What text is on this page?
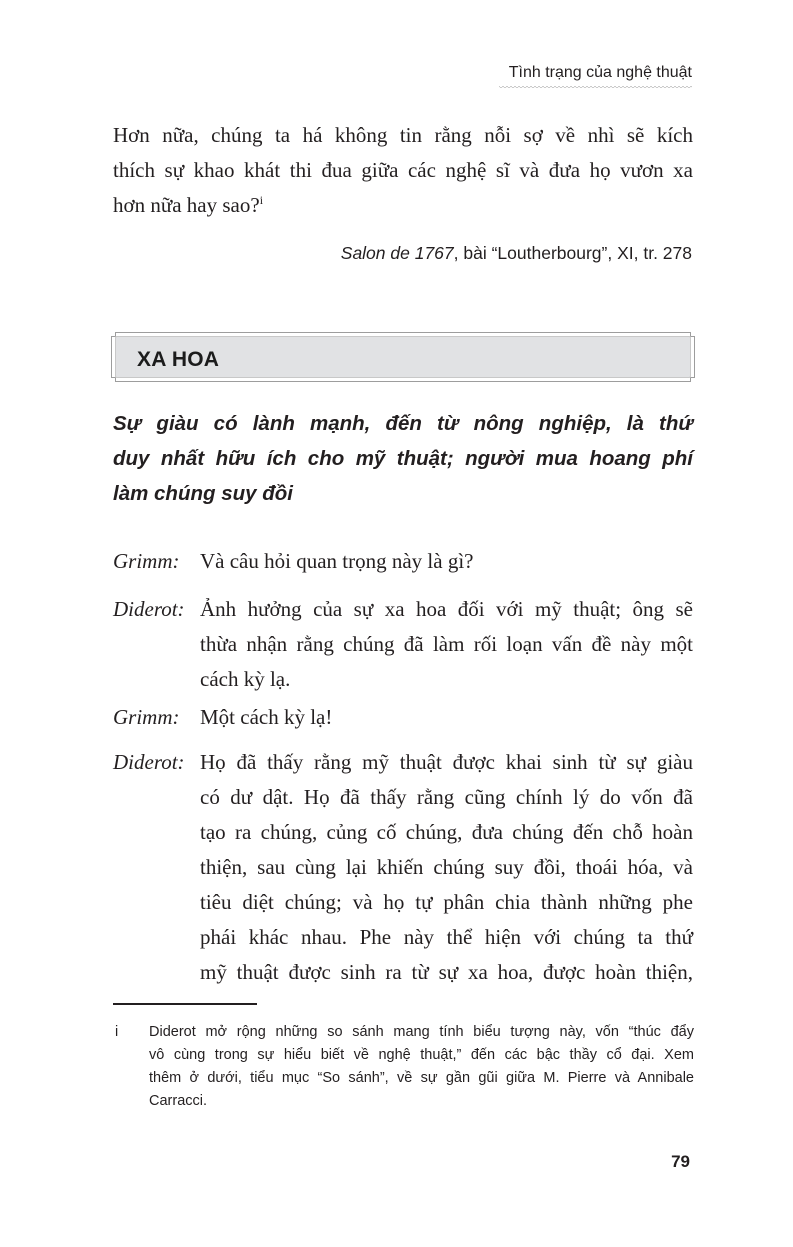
Tình trạng của nghệ thuật
Hơn nữa, chúng ta há không tin rằng nỗi sợ về nhì sẽ kích
thích sự khao khát thi đua giữa các nghệ sĩ và đưa họ vươn xa
hơn nữa hay sao?$^i$
Salon de 1767, bài “Loutherbourg”, XI, tr. 278
XA HOA
Sự giàu có lành mạnh, đến từ nông nghiệp, là thứ
duy nhất hữu ích cho mỹ thuật; người mua hoang phí
làm chúng suy đồi
Grimm: Và câu hỏi quan trọng này là gì?
Diderot: Ảnh hưởng của sự xa hoa đối với mỹ thuật; ông sẽ
thừa nhận rằng chúng đã làm rối loạn vấn đề này một
cách kỳ lạ.
Grimm: Một cách kỳ lạ!
Diderot: Họ đã thấy rằng mỹ thuật được khai sinh từ sự giàu
có dư dật. Họ đã thấy rằng cũng chính lý do vốn đã
tạo ra chúng, củng cố chúng, đưa chúng đến chỗ hoàn
thiện, sau cùng lại khiến chúng suy đồi, thoái hóa, và
tiêu diệt chúng; và họ tự phân chia thành những phe
phái khác nhau. Phe này thể hiện với chúng ta thứ
mỹ thuật được sinh ra từ sự xa hoa, được hoàn thiện,
i Diderot mở rộng những so sánh mang tính biểu tượng này, vốn “thúc đẩy
vô cùng trong sự hiểu biết về nghệ thuật,” đến các bậc thầy cổ đại. Xem
thêm ở dưới, tiểu mục “So sánh”, về sự gần gũi giữa M. Pierre và Annibale
Carracci.
79
